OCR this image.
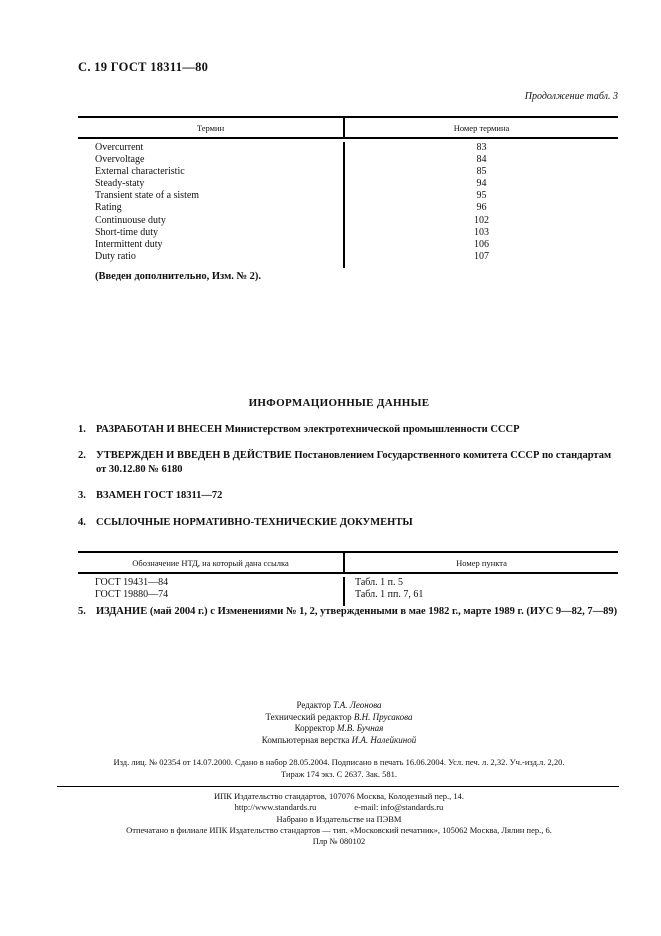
С. 19 ГОСТ 18311—80
Продолжение табл. 3
Термин	Номер термина
Overcurrent	83
Overvoltage	84
External characteristic	85
Steady-staty	94
Transient state of a sistem	95
Rating	96
Continuouse duty	102
Short-time duty	103
Intermittent duty	106
Duty ratio	107
(Введен дополнительно, Изм. № 2).
ИНФОРМАЦИОННЫЕ ДАННЫЕ
1. РАЗРАБОТАН И ВНЕСЕН Министерством электротехнической промышленности СССР
2. УТВЕРЖДЕН И ВВЕДЕН В ДЕЙСТВИЕ Постановлением Государственного комитета СССР по стандартам от 30.12.80 № 6180
3. ВЗАМЕН ГОСТ 18311—72
4. ССЫЛОЧНЫЕ НОРМАТИВНО-ТЕХНИЧЕСКИЕ ДОКУМЕНТЫ
Обозначение НТД, на который дана ссылка	Номер пункта
ГОСТ 19431—84	Табл. 1 п. 5
ГОСТ 19880—74	Табл. 1 пп. 7, 61
5. ИЗДАНИЕ (май 2004 г.) с Изменениями № 1, 2, утвержденными в мае 1982 г., марте 1989 г. (ИУС 9—82, 7—89)
Редактор Т.А. Леонова
Технический редактор В.Н. Прусакова
Корректор М.В. Бучная
Компьютерная верстка И.А. Налейкиной
Изд. лиц. № 02354 от 14.07.2000. Сдано в набор 28.05.2004. Подписано в печать 16.06.2004. Усл. печ. л. 2,32. Уч.-изд.л. 2,20.
Тираж 174 экз. С 2637. Зак. 581.
ИПК Издательство стандартов, 107076 Москва, Колодезный пер., 14.
http://www.standards.ru	e-mail: info@standards.ru
Набрано в Издательстве на ПЭВМ
Отпечатано в филиале ИПК Издательство стандартов — тип. «Московский печатник», 105062 Москва, Лялин пер., 6.
Плр № 080102
